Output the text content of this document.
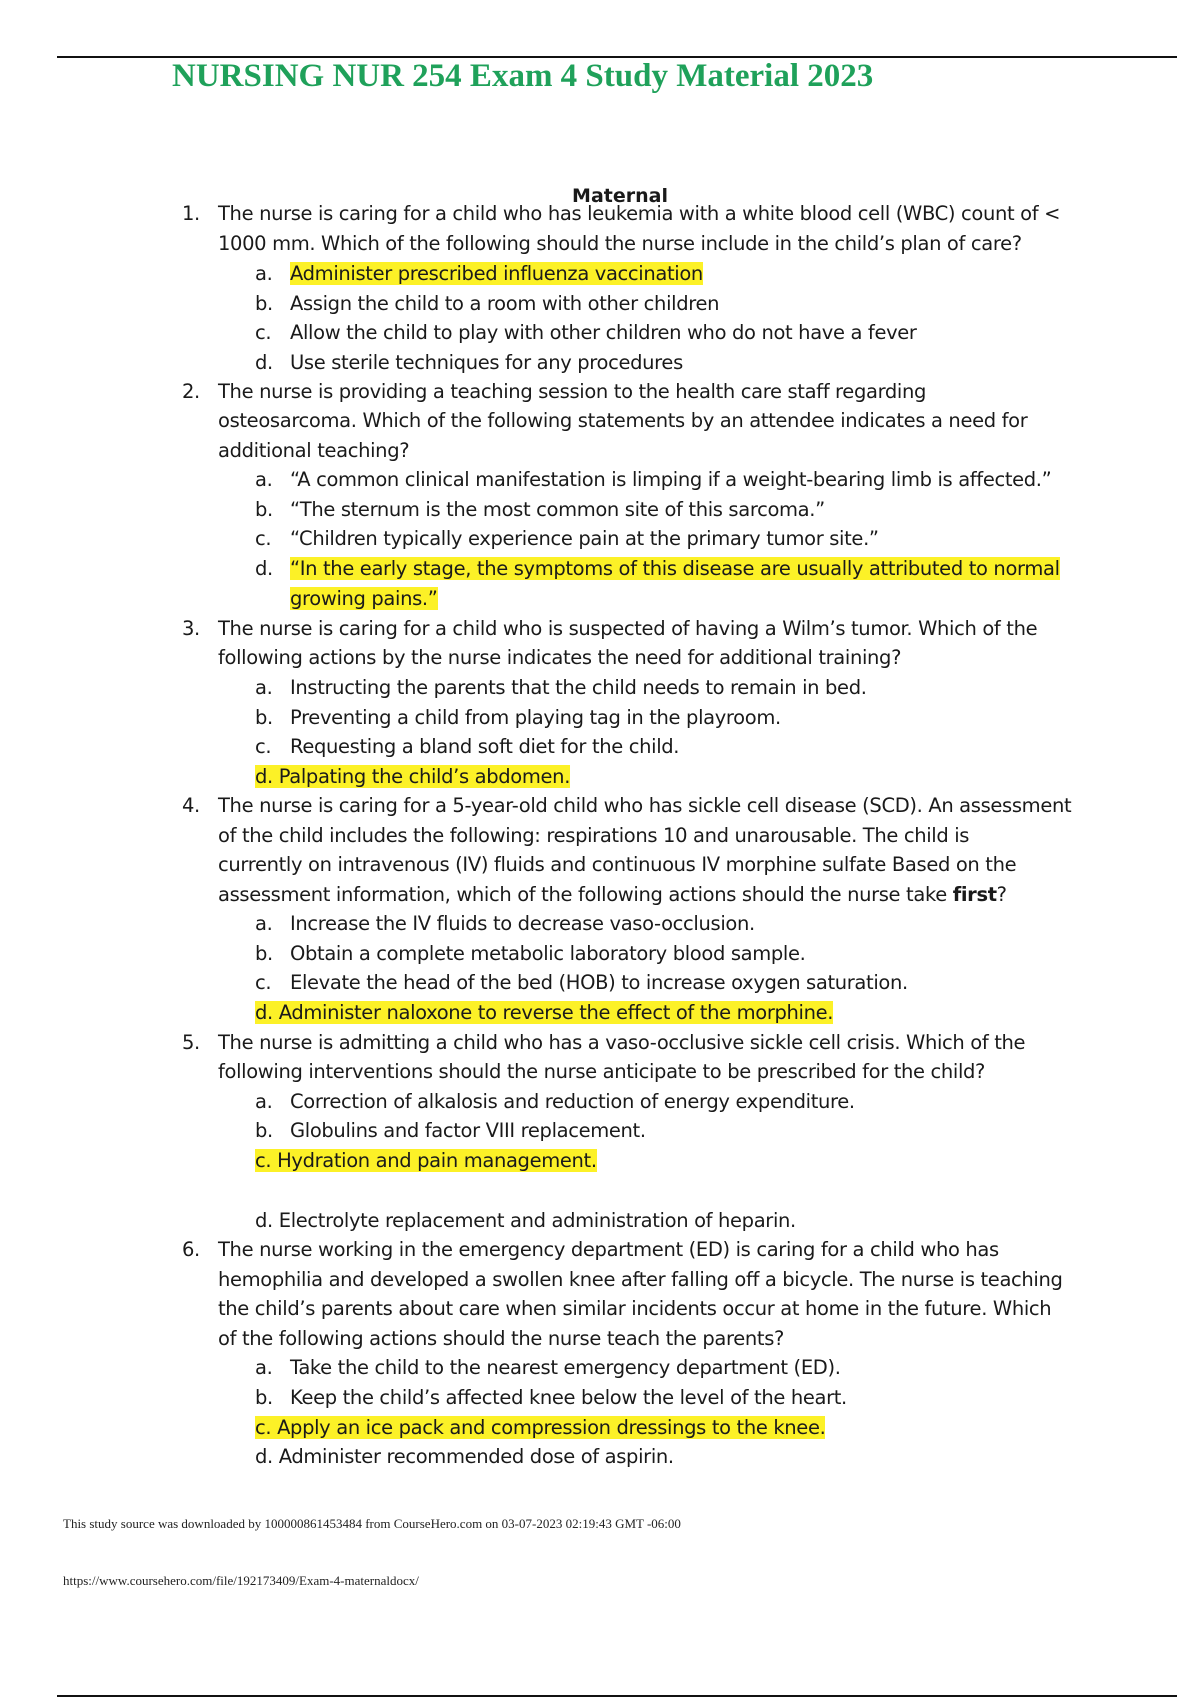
NURSING NUR 254 Exam 4 Study Material 2023
Maternal
1. The nurse is caring for a child who has leukemia with a white blood cell (WBC) count of <
1000 mm. Which of the following should the nurse include in the child’s plan of care?
a. Administer prescribed influenza vaccination
b. Assign the child to a room with other children
c. Allow the child to play with other children who do not have a fever
d. Use sterile techniques for any procedures
2. The nurse is providing a teaching session to the health care staff regarding
osteosarcoma. Which of the following statements by an attendee indicates a need for
additional teaching?
a. “A common clinical manifestation is limping if a weight-bearing limb is affected.”
b. “The sternum is the most common site of this sarcoma.”
c. “Children typically experience pain at the primary tumor site.”
d. “In the early stage, the symptoms of this disease are usually attributed to normal
growing pains.”
3. The nurse is caring for a child who is suspected of having a Wilm’s tumor. Which of the
following actions by the nurse indicates the need for additional training?
a. Instructing the parents that the child needs to remain in bed.
b. Preventing a child from playing tag in the playroom.
c. Requesting a bland soft diet for the child.
d. Palpating the child’s abdomen.
4. The nurse is caring for a 5-year-old child who has sickle cell disease (SCD). An assessment
of the child includes the following: respirations 10 and unarousable. The child is
currently on intravenous (IV) fluids and continuous IV morphine sulfate Based on the
assessment information, which of the following actions should the nurse take first?
a. Increase the IV fluids to decrease vaso-occlusion.
b. Obtain a complete metabolic laboratory blood sample.
c. Elevate the head of the bed (HOB) to increase oxygen saturation.
d. Administer naloxone to reverse the effect of the morphine.
5. The nurse is admitting a child who has a vaso-occlusive sickle cell crisis. Which of the
following interventions should the nurse anticipate to be prescribed for the child?
a. Correction of alkalosis and reduction of energy expenditure.
b. Globulins and factor VIII replacement.
c. Hydration and pain management.
d. Electrolyte replacement and administration of heparin.
6. The nurse working in the emergency department (ED) is caring for a child who has
hemophilia and developed a swollen knee after falling off a bicycle. The nurse is teaching
the child’s parents about care when similar incidents occur at home in the future. Which
of the following actions should the nurse teach the parents?
a. Take the child to the nearest emergency department (ED).
b. Keep the child’s affected knee below the level of the heart.
c. Apply an ice pack and compression dressings to the knee.
d. Administer recommended dose of aspirin.
This study source was downloaded by 100000861453484 from CourseHero.com on 03-07-2023 02:19:43 GMT -06:00
https://www.coursehero.com/file/192173409/Exam-4-maternaldocx/
